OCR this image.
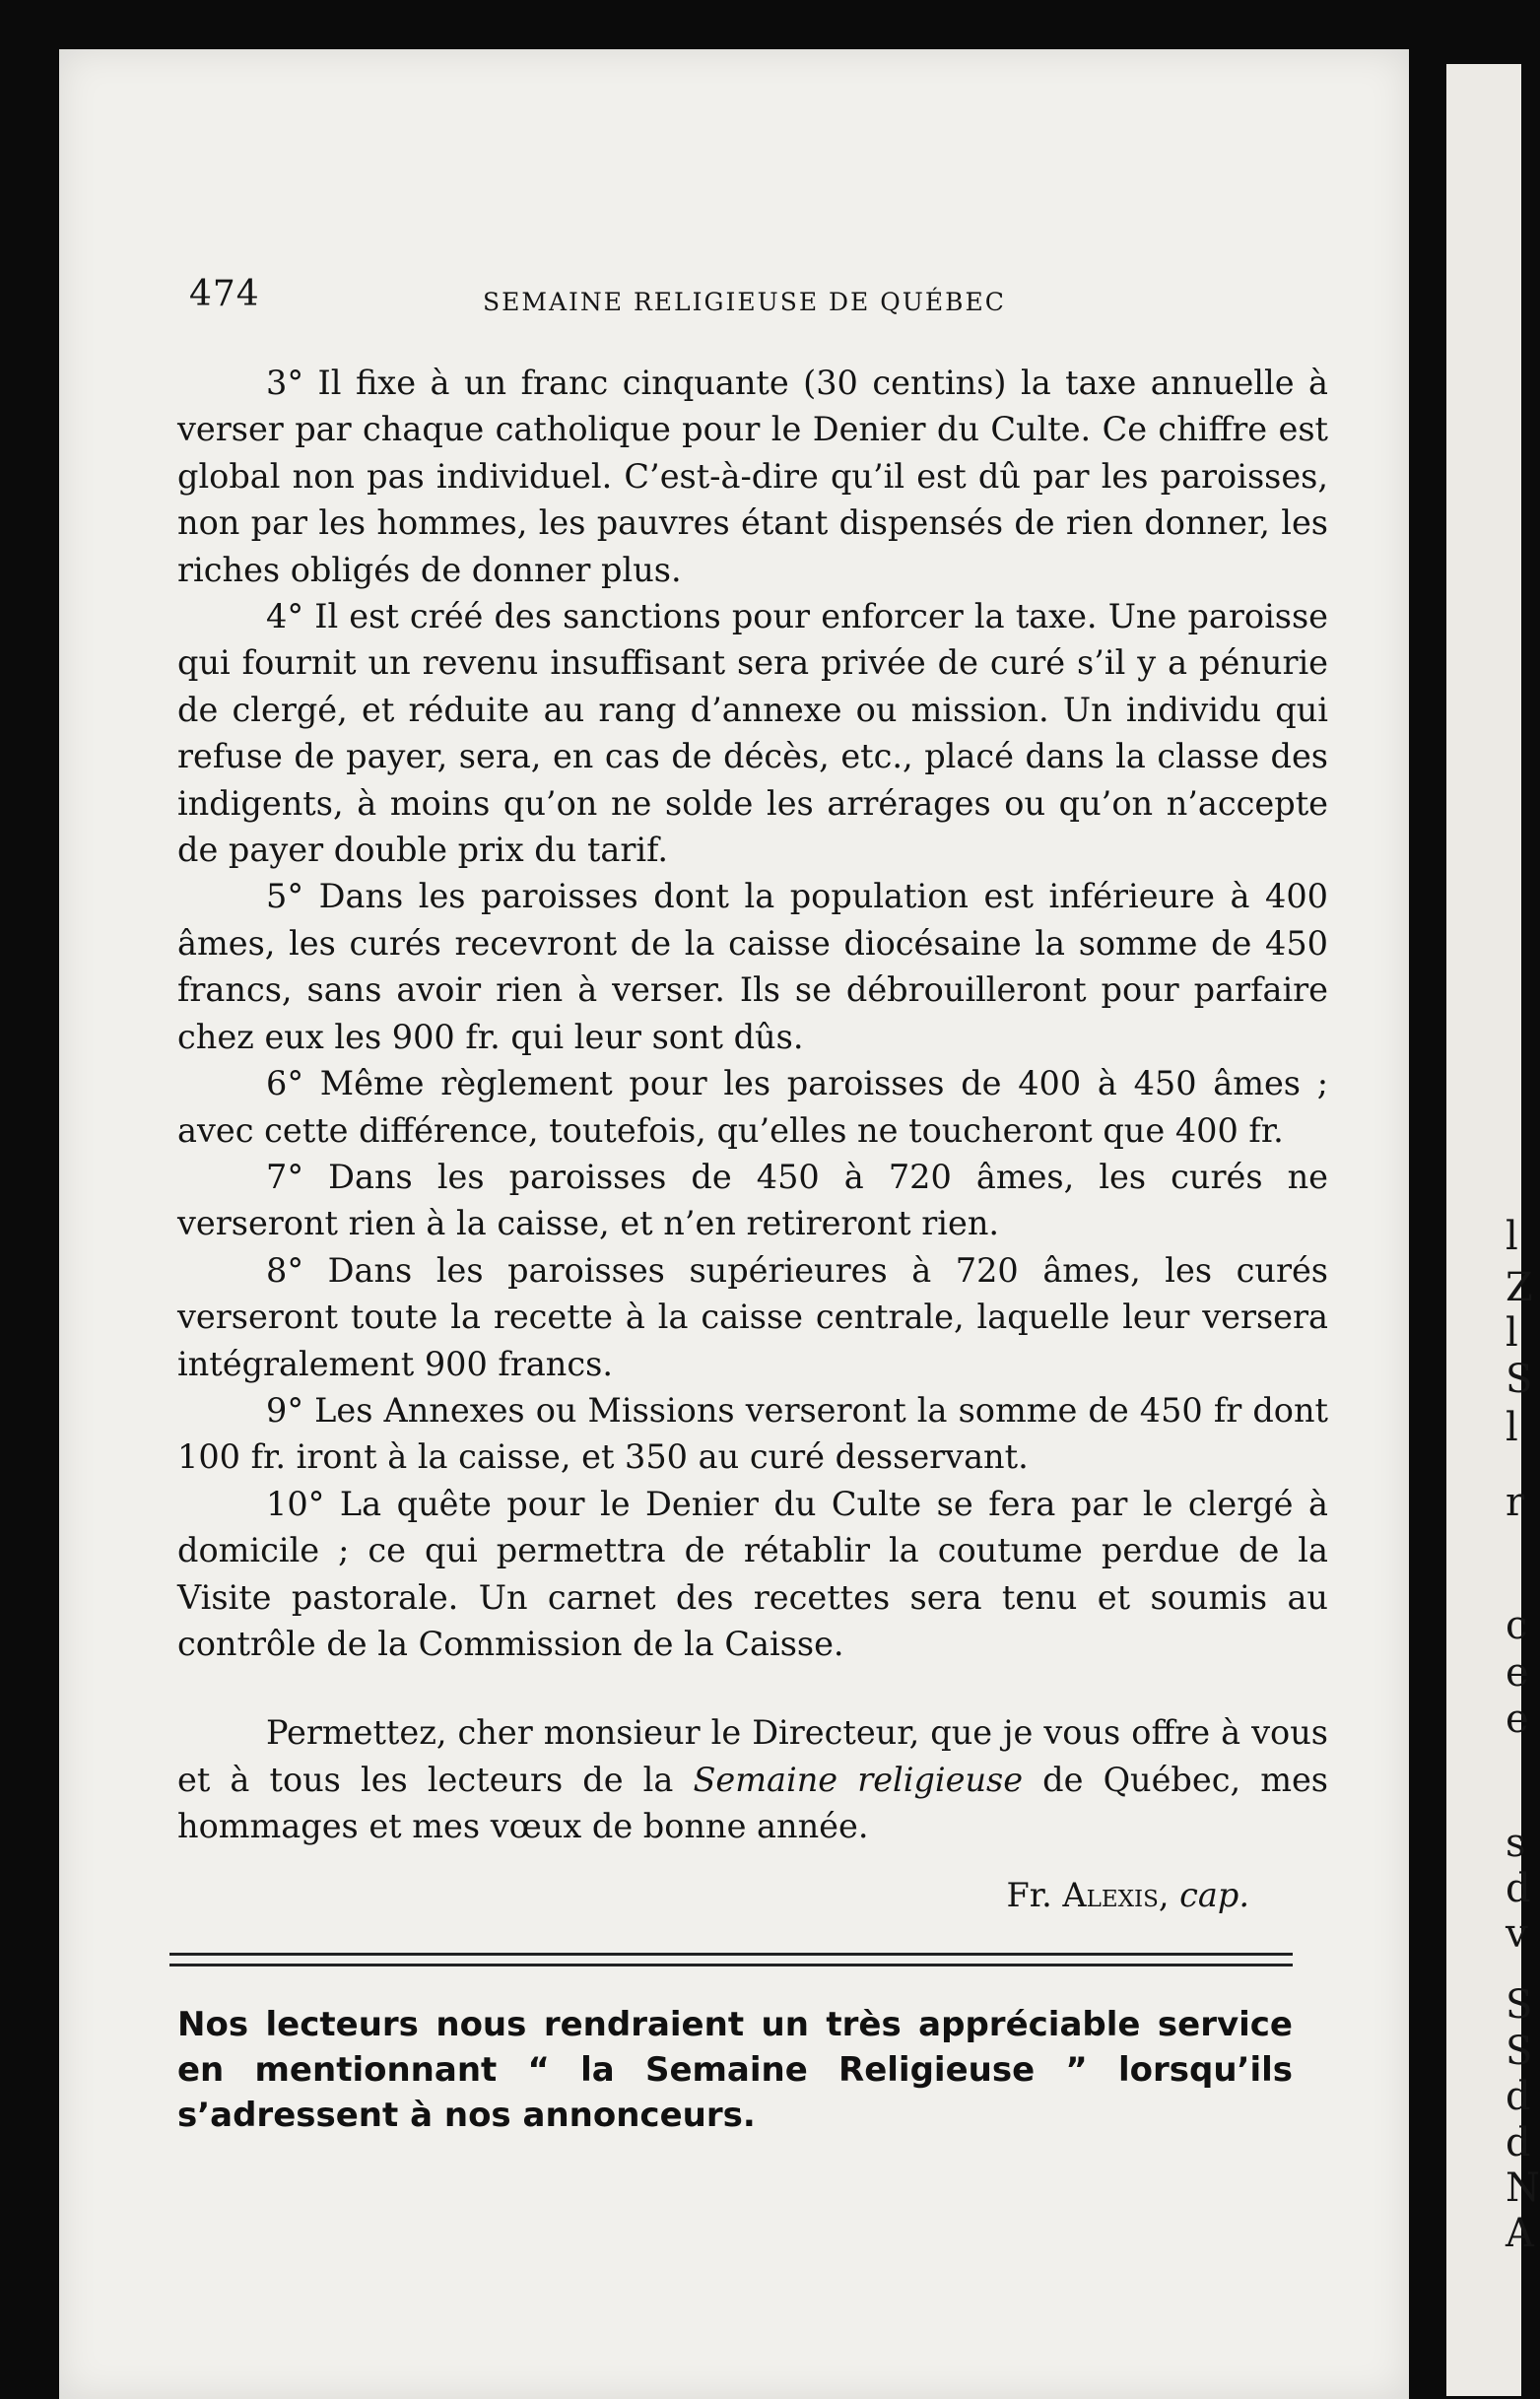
l
Z
l
S
l
r
c
e
e
s
d
v
S
S
d
d
N
A
474	SEMAINE RELIGIEUSE DE QUÉBEC

3° Il fixe à un franc cinquante (30 centins) la taxe annuelle à verser par chaque catholique pour le Denier du Culte. Ce chiffre est global non pas individuel. C’est-à-dire qu’il est dû par les paroisses, non par les hommes, les pauvres étant dispensés de rien donner, les riches obligés de donner plus.

4° Il est créé des sanctions pour enforcer la taxe. Une paroisse qui fournit un revenu insuffisant sera privée de curé s’il y a pénurie de clergé, et réduite au rang d’annexe ou mission. Un individu qui refuse de payer, sera, en cas de décès, etc., placé dans la classe des indigents, à moins qu’on ne solde les arrérages ou qu’on n’accepte de payer double prix du tarif.

5° Dans les paroisses dont la population est inférieure à 400 âmes, les curés recevront de la caisse diocésaine la somme de 450 francs, sans avoir rien à verser. Ils se débrouilleront pour parfaire chez eux les 900 fr. qui leur sont dûs.

6° Même règlement pour les paroisses de 400 à 450 âmes ; avec cette différence, toutefois, qu’elles ne toucheront que 400 fr.

7° Dans les paroisses de 450 à 720 âmes, les curés ne verseront rien à la caisse, et n’en retireront rien.

8° Dans les paroisses supérieures à 720 âmes, les curés verseront toute la recette à la caisse centrale, laquelle leur versera intégralement 900 francs.

9° Les Annexes ou Missions verseront la somme de 450 fr dont 100 fr. iront à la caisse, et 350 au curé desservant.

10° La quête pour le Denier du Culte se fera par le clergé à domicile ; ce qui permettra de rétablir la coutume perdue de la Visite pastorale. Un carnet des recettes sera tenu et soumis au contrôle de la Commission de la Caisse.

Permettez, cher monsieur le Directeur, que je vous offre à vous et à tous les lecteurs de la Semaine religieuse de Québec, mes hommages et mes vœux de bonne année.

Fr. Alexis, cap.

Nos lecteurs nous rendraient un très appréciable service en mentionnant “ la Semaine Religieuse ” lorsqu’ils s’adressent à nos annonceurs.
